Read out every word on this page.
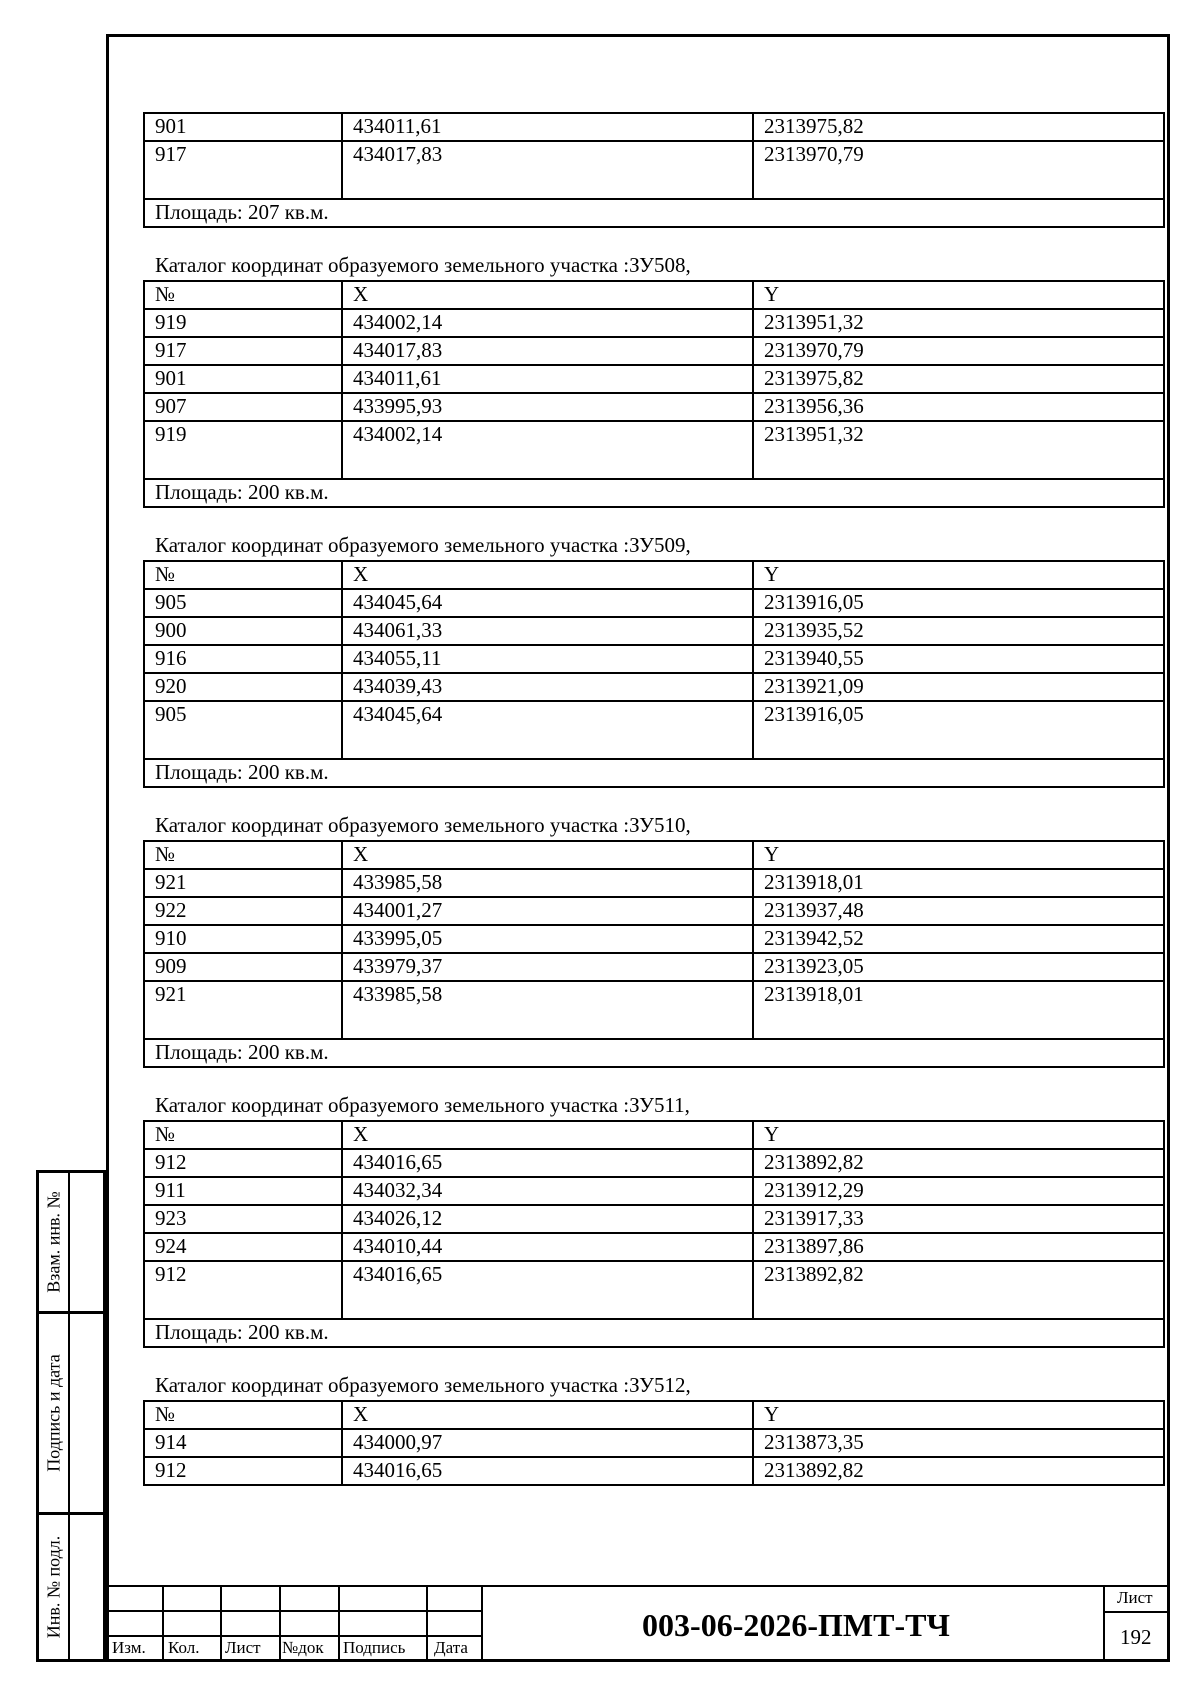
901	434011,61	2313975,82
917	434017,83	2313970,79
Площадь: 207 кв.м.		
Каталог координат образуемого земельного участка :ЗУ508,
№	X	Y
919	434002,14	2313951,32
917	434017,83	2313970,79
901	434011,61	2313975,82
907	433995,93	2313956,36
919	434002,14	2313951,32
Площадь: 200 кв.м.		
Каталог координат образуемого земельного участка :ЗУ509,
№	X	Y
905	434045,64	2313916,05
900	434061,33	2313935,52
916	434055,11	2313940,55
920	434039,43	2313921,09
905	434045,64	2313916,05
Площадь: 200 кв.м.		
Каталог координат образуемого земельного участка :ЗУ510,
№	X	Y
921	433985,58	2313918,01
922	434001,27	2313937,48
910	433995,05	2313942,52
909	433979,37	2313923,05
921	433985,58	2313918,01
Площадь: 200 кв.м.		
Каталог координат образуемого земельного участка :ЗУ511,
№	X	Y
912	434016,65	2313892,82
911	434032,34	2313912,29
923	434026,12	2313917,33
924	434010,44	2313897,86
912	434016,65	2313892,82
Площадь: 200 кв.м.		
Каталог координат образуемого земельного участка :ЗУ512,
№	X	Y
914	434000,97	2313873,35
912	434016,65	2313892,82
Взам. инв. №
Подпись и дата
Инв. № подл.
Изм. Кол. Лист №док Подпись Дата
003-06-2026-ПМТ-ТЧ
Лист
192
